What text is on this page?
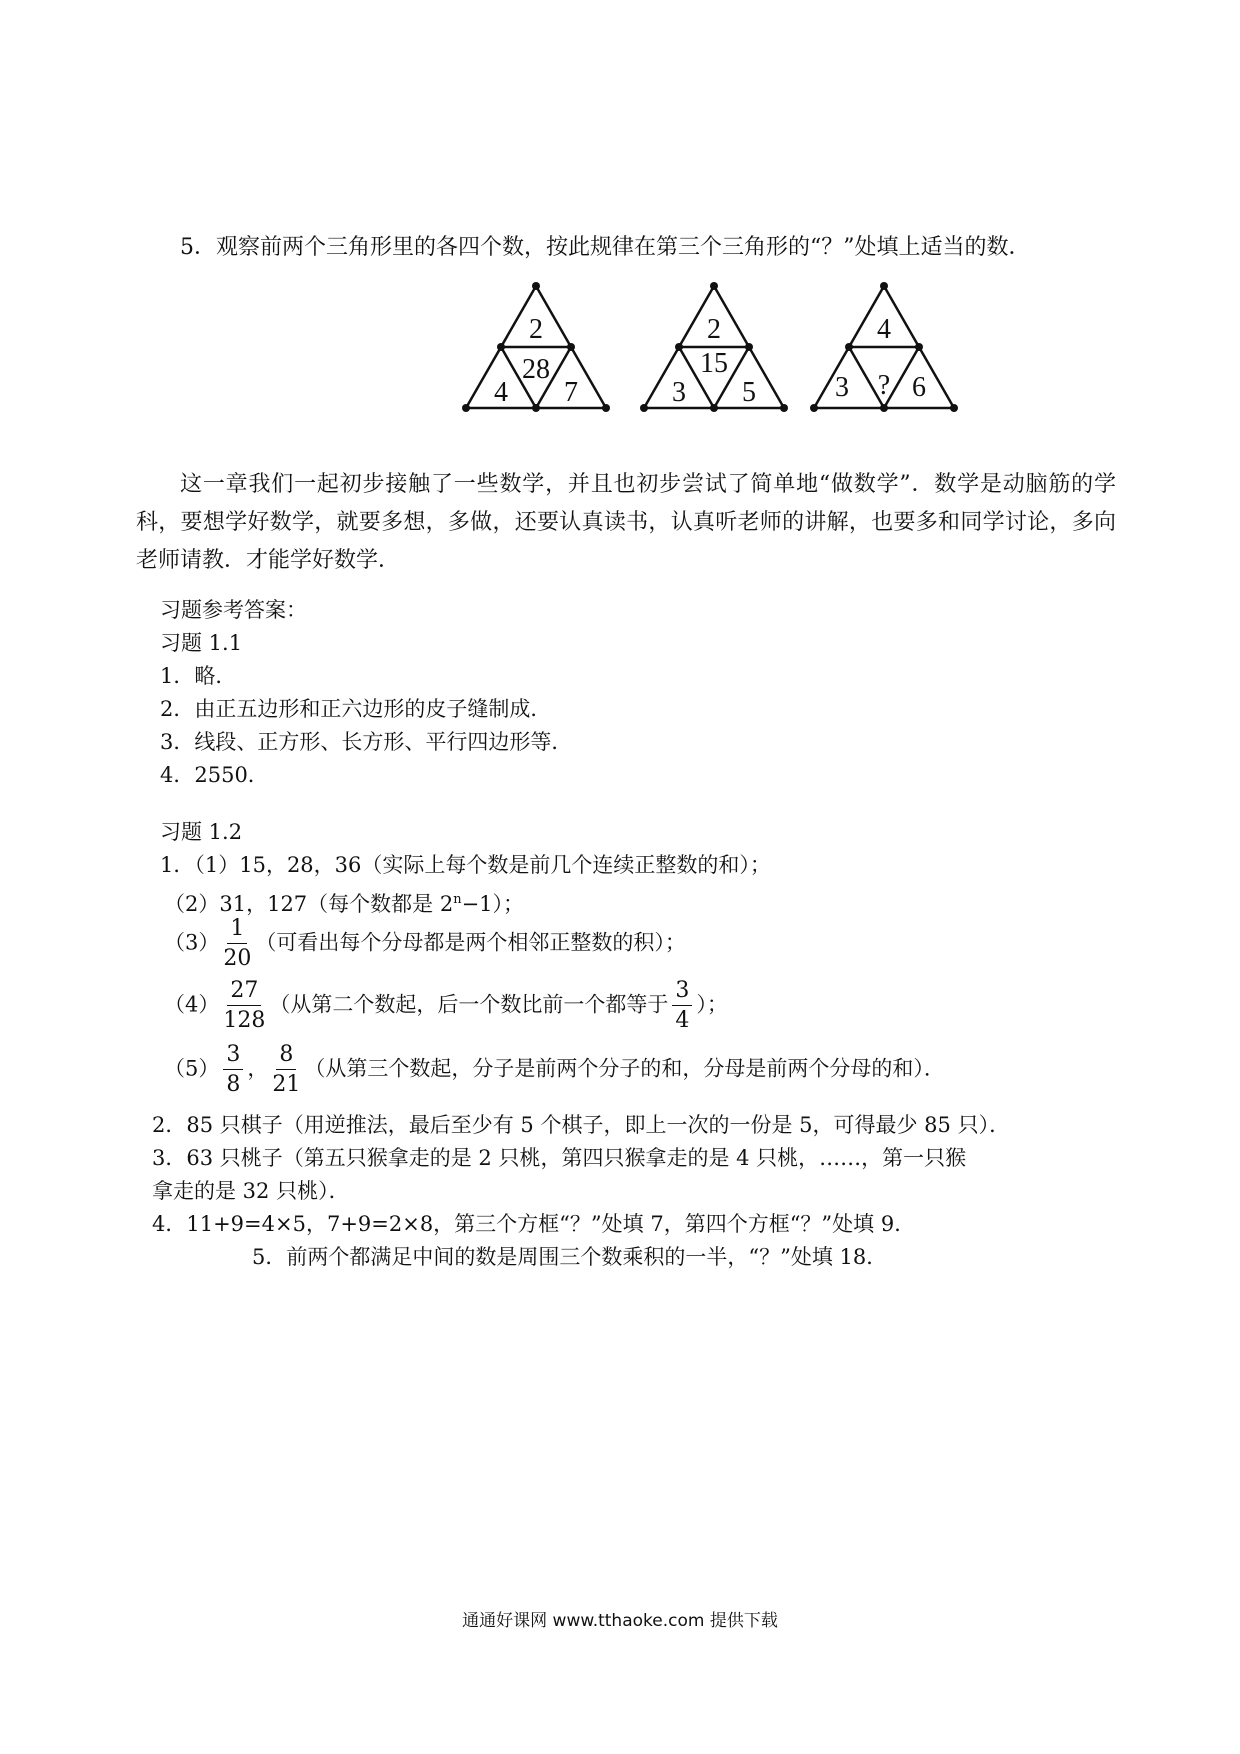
5．观察前两个三角形里的各四个数，按此规律在第三个三角形的“？”处填上适当的数．
2
28
4 7
2
15
3 5
4
?
3 6
这一章我们一起初步接触了一些数学，并且也初步尝试了简单地“做数学”．数学是动脑筋的学科，要想学好数学，就要多想，多做，还要认真读书，认真听老师的讲解，也要多和同学讨论，多向老师请教．才能学好数学．
习题参考答案：
习题 1.1
1．略．
2．由正五边形和正六边形的皮子缝制成．
3．线段、正方形、长方形、平行四边形等．
4．2550．
习题 1.2
1．（1）15，28，36（实际上每个数是前几个连续正整数的和）；
（2）31，127（每个数都是 $2^n-1$）；
$(3) \frac{1}{20}$ （可看出每个分母都是两个相邻正整数的积）；
$(4) \frac{27}{128}$ （从第二个数起，后一个数比前一个都等于 $\frac{3}{4}$ ）；
$(5) \frac{3}{8}$ ， $\frac{8}{21}$ （从第三个数起，分子是前两个分子的和，分母是前两个分母的和）．
2．85 只棋子（用逆推法，最后至少有 5 个棋子，即上一次的一份是 5，可得最少 85 只）．
3．63 只桃子（第五只猴拿走的是 2 只桃，第四只猴拿走的是 4 只桃，……，第一只猴
拿走的是 32 只桃）．
4．11+9=4×5，7+9=2×8，第三个方框“？”处填 7，第四个方框“？”处填 9．
5．前两个都满足中间的数是周围三个数乘积的一半，“？”处填 18．
通通好课网 www.tthaoke.com 提供下载
